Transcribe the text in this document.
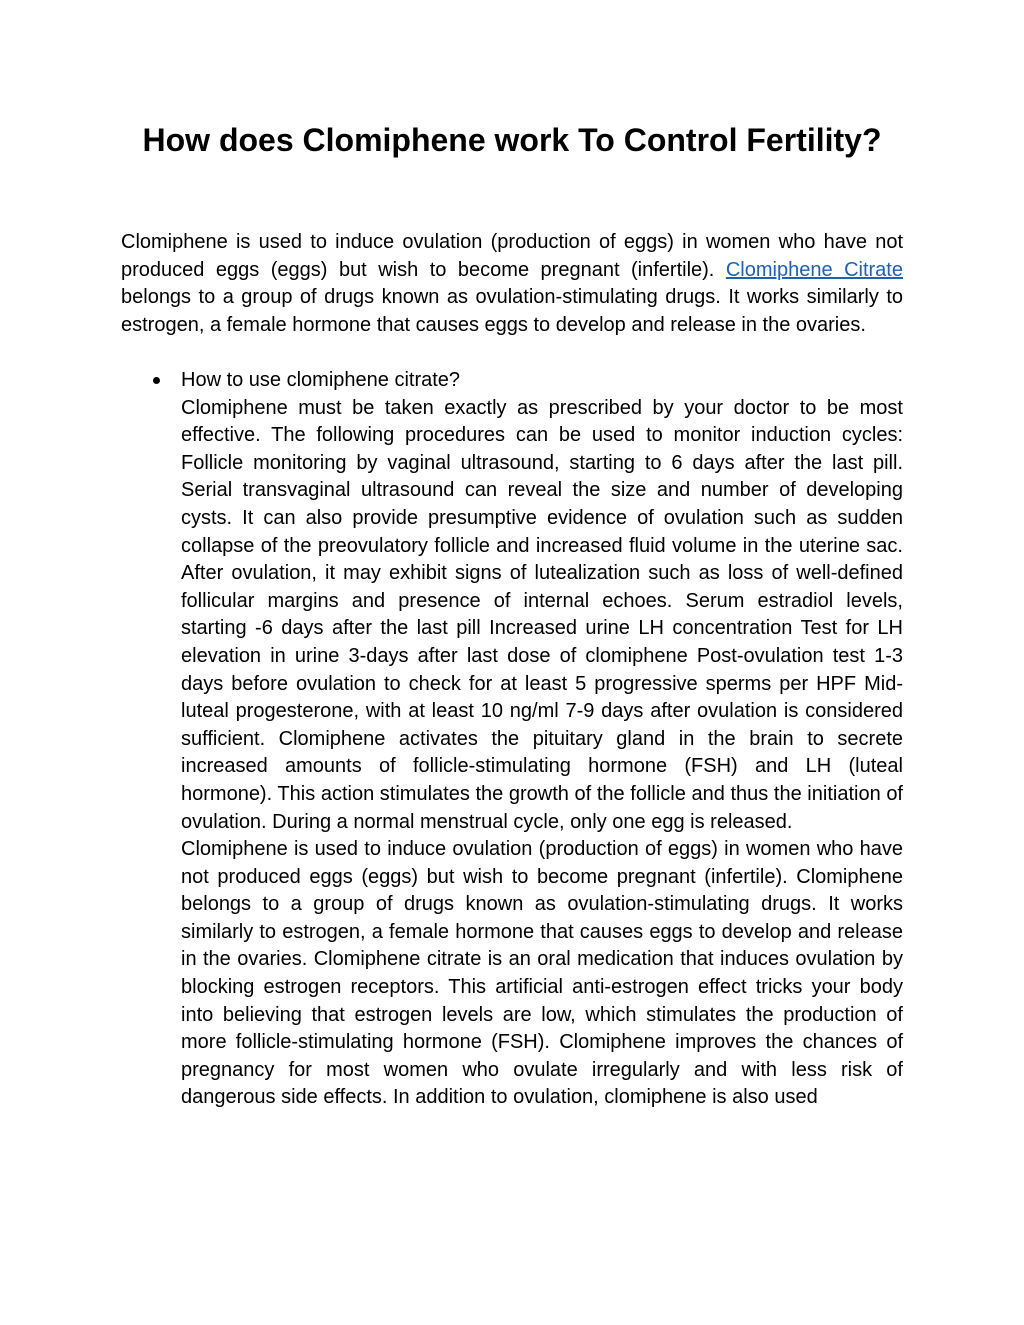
How does Clomiphene work To Control Fertility?

Clomiphene is used to induce ovulation (production of eggs) in women who have not produced eggs (eggs) but wish to become pregnant (infertile). Clomiphene Citrate belongs to a group of drugs known as ovulation-stimulating drugs. It works similarly to estrogen, a female hormone that causes eggs to develop and release in the ovaries.

How to use clomiphene citrate?

Clomiphene must be taken exactly as prescribed by your doctor to be most effective. The following procedures can be used to monitor induction cycles: Follicle monitoring by vaginal ultrasound, starting to 6 days after the last pill. Serial transvaginal ultrasound can reveal the size and number of developing cysts. It can also provide presumptive evidence of ovulation such as sudden collapse of the preovulatory follicle and increased fluid volume in the uterine sac. After ovulation, it may exhibit signs of lutealization such as loss of well-defined follicular margins and presence of internal echoes. Serum estradiol levels, starting -6 days after the last pill Increased urine LH concentration Test for LH elevation in urine 3-days after last dose of clomiphene Post-ovulation test 1-3 days before ovulation to check for at least 5 progressive sperms per HPF Mid-luteal progesterone, with at least 10 ng/ml 7-9 days after ovulation is considered sufficient. Clomiphene activates the pituitary gland in the brain to secrete increased amounts of follicle-stimulating hormone (FSH) and LH (luteal hormone). This action stimulates the growth of the follicle and thus the initiation of ovulation. During a normal menstrual cycle, only one egg is released.

Clomiphene is used to induce ovulation (production of eggs) in women who have not produced eggs (eggs) but wish to become pregnant (infertile). Clomiphene belongs to a group of drugs known as ovulation-stimulating drugs. It works similarly to estrogen, a female hormone that causes eggs to develop and release in the ovaries. Clomiphene citrate is an oral medication that induces ovulation by blocking estrogen receptors. This artificial anti-estrogen effect tricks your body into believing that estrogen levels are low, which stimulates the production of more follicle-stimulating hormone (FSH). Clomiphene improves the chances of pregnancy for most women who ovulate irregularly and with less risk of dangerous side effects. In addition to ovulation, clomiphene is also used
